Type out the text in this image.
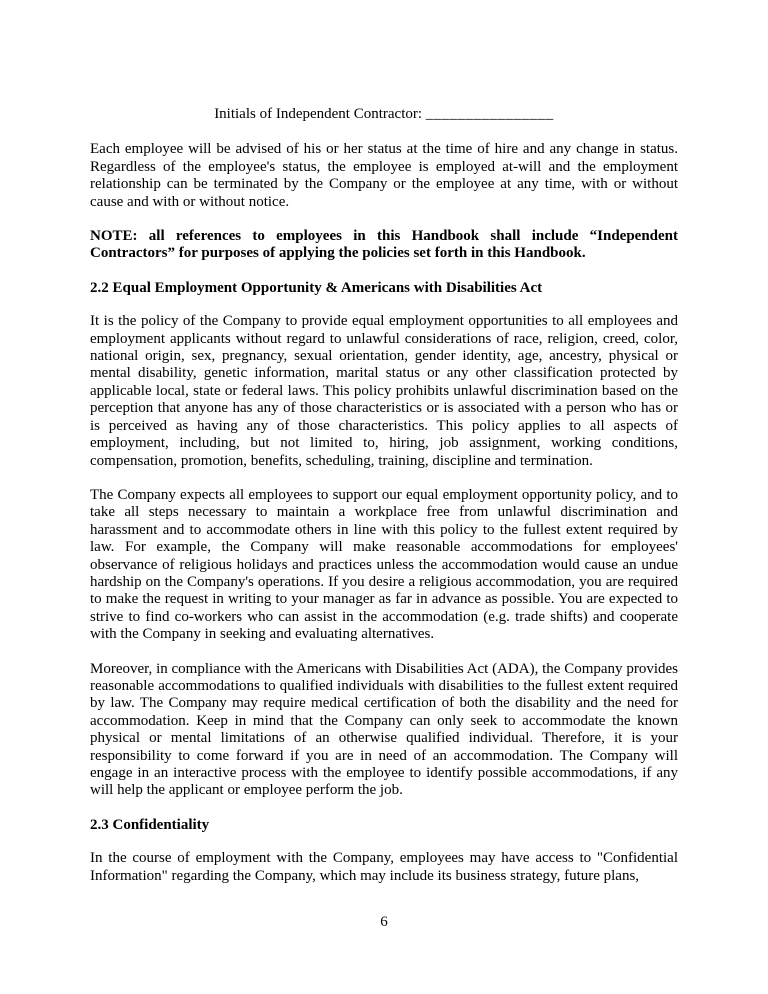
Initials of Independent Contractor: ________________

Each employee will be advised of his or her status at the time of hire and any change in status. Regardless of the employee's status, the employee is employed at-will and the employment relationship can be terminated by the Company or the employee at any time, with or without cause and with or without notice.

NOTE: all references to employees in this Handbook shall include “Independent Contractors” for purposes of applying the policies set forth in this Handbook.

2.2 Equal Employment Opportunity & Americans with Disabilities Act

It is the policy of the Company to provide equal employment opportunities to all employees and employment applicants without regard to unlawful considerations of race, religion, creed, color, national origin, sex, pregnancy, sexual orientation, gender identity, age, ancestry, physical or mental disability, genetic information, marital status or any other classification protected by applicable local, state or federal laws. This policy prohibits unlawful discrimination based on the perception that anyone has any of those characteristics or is associated with a person who has or is perceived as having any of those characteristics. This policy applies to all aspects of employment, including, but not limited to, hiring, job assignment, working conditions, compensation, promotion, benefits, scheduling, training, discipline and termination.

The Company expects all employees to support our equal employment opportunity policy, and to take all steps necessary to maintain a workplace free from unlawful discrimination and harassment and to accommodate others in line with this policy to the fullest extent required by law. For example, the Company will make reasonable accommodations for employees' observance of religious holidays and practices unless the accommodation would cause an undue hardship on the Company's operations. If you desire a religious accommodation, you are required to make the request in writing to your manager as far in advance as possible. You are expected to strive to find co-workers who can assist in the accommodation (e.g. trade shifts) and cooperate with the Company in seeking and evaluating alternatives.

Moreover, in compliance with the Americans with Disabilities Act (ADA), the Company provides reasonable accommodations to qualified individuals with disabilities to the fullest extent required by law. The Company may require medical certification of both the disability and the need for accommodation. Keep in mind that the Company can only seek to accommodate the known physical or mental limitations of an otherwise qualified individual. Therefore, it is your responsibility to come forward if you are in need of an accommodation. The Company will engage in an interactive process with the employee to identify possible accommodations, if any will help the applicant or employee perform the job.

2.3 Confidentiality

In the course of employment with the Company, employees may have access to "Confidential Information" regarding the Company, which may include its business strategy, future plans,

6
